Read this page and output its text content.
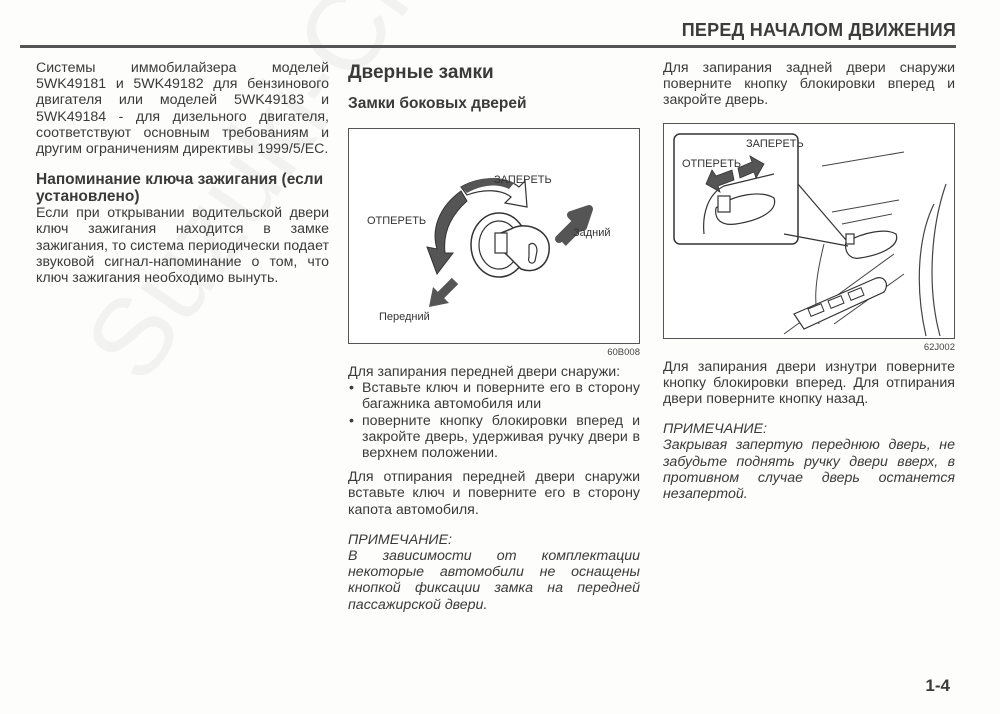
ПЕРЕД НАЧАЛОМ ДВИЖЕНИЯ

Системы иммобилайзера моделей 5WK49181 и 5WK49182 для бензинового двигателя или моделей 5WK49183 и 5WK49184 - для дизельного двигателя, соответствуют основным требованиям и другим ограничениям директивы 1999/5/ЕС.

Напоминание ключа зажигания (если установлено)

Если при открывании водительской двери ключ зажигания находится в замке зажигания, то система периодически подает звуковой сигнал-напоминание о том, что ключ зажигания необходимо вынуть.

Дверные замки
Замки боковых дверей
ЗАПЕРЕТЬ
ОТПЕРЕТЬ
Задний
Передний
60B008

Для запирания передней двери снаружи:

• Вставьте ключ и поверните его в сторону багажника автомобиля или
• поверните кнопку блокировки вперед и закройте дверь, удерживая ручку двери в верхнем положении.

Для отпирания передней двери снаружи вставьте ключ и поверните его в сторону капота автомобиля.

ПРИМЕЧАНИЕ:

В зависимости от комплектации некоторые автомобили не оснащены кнопкой фиксации замка на передней пассажирской двери.

Для запирания задней двери снаружи поверните кнопку блокировки вперед и закройте дверь.

ЗАПЕРЕТЬ
ОТПЕРЕТЬ
62J002

Для запирания двери изнутри поверните кнопку блокировки вперед. Для отпирания двери поверните кнопку назад.

ПРИМЕЧАНИЕ:

Закрывая запертую переднюю дверь, не забудьте поднять ручку двери вверх, в противном случае дверь останется незапертой.

1-4
